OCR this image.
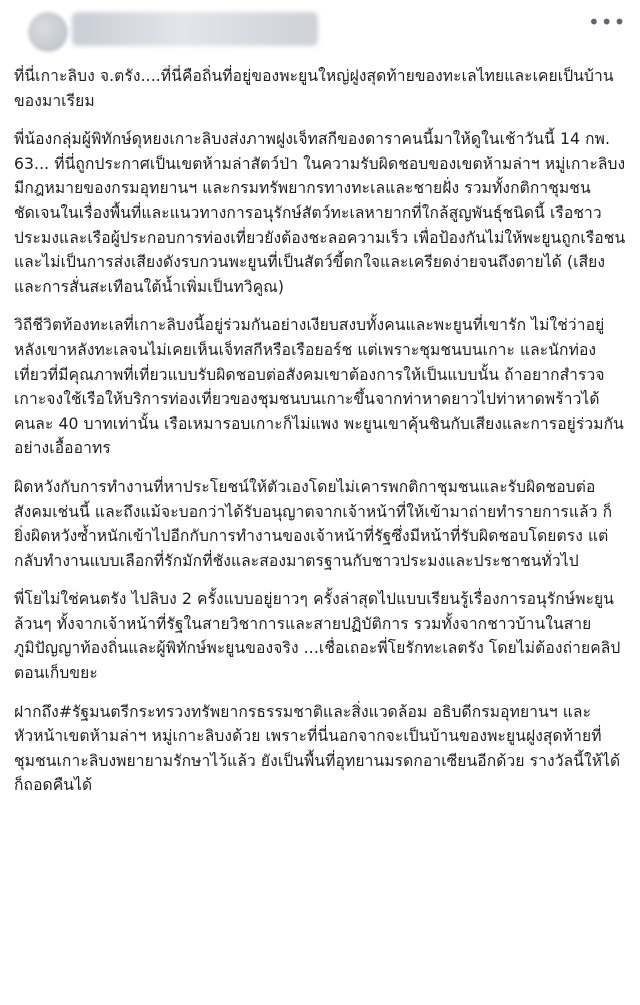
•••

ที่นี่เกาะลิบง จ.ตรัง....ที่นี่คือถิ่นที่อยู่ของพะยูนใหญ่ฝูงสุดท้ายของทะเลไทยและเคยเป็นบ้านของมาเรียม

พี่น้องกลุ่มผู้พิทักษ์ดุหยงเกาะลิบงส่งภาพฝูงเจ็ทสกีของดาราคนนี้มาให้ดูในเช้าวันนี้ 14 กพ. 63... ที่นี่ถูกประกาศเป็นเขตห้ามล่าสัตว์ป่า ในความรับผิดชอบของเขตห้ามล่าฯ หมู่เกาะลิบง มีกฎหมายของกรมอุทยานฯ และกรมทรัพยากรทางทะเลและชายฝั่ง รวมทั้งกติกาชุมชนชัดเจนในเรื่องพื้นที่และแนวทางการอนุรักษ์สัตว์ทะเลหายากที่ใกล้สูญพันธุ์ชนิดนี้ เรือชาวประมงและเรือผู้ประกอบการท่องเที่ยวยังต้องชะลอความเร็ว เพื่อป้องกันไม่ให้พะยูนถูกเรือชน และไม่เป็นการส่งเสียงดังรบกวนพะยูนที่เป็นสัตว์ขี้ตกใจและเครียดง่ายจนถึงตายได้ (เสียงและการสั่นสะเทือนใต้น้ำเพิ่มเป็นทวิคูณ)

วิถีชีวิตท้องทะเลที่เกาะลิบงนี้อยู่ร่วมกันอย่างเงียบสงบทั้งคนและพะยูนที่เขารัก ไม่ใช่ว่าอยู่หลังเขาหลังทะเลจนไม่เคยเห็นเจ็ทสกีหรือเรือยอร์ช แต่เพราะชุมชนบนเกาะ และนักท่องเที่ยวที่มีคุณภาพที่เที่ยวแบบรับผิดชอบต่อสังคมเขาต้องการให้เป็นแบบนั้น ถ้าอยากสำรวจเกาะจงใช้เรือให้บริการท่องเที่ยวของชุมชนบนเกาะขึ้นจากท่าหาดยาวไปท่าหาดพร้าวได้ คนละ 40 บาทเท่านั้น เรือเหมารอบเกาะก็ไม่แพง พะยูนเขาคุ้นชินกับเสียงและการอยู่ร่วมกันอย่างเอื้ออาทร

ผิดหวังกับการทำงานที่หาประโยชน์ให้ตัวเองโดยไม่เคารพกติกาชุมชนและรับผิดชอบต่อสังคมเช่นนี้ และถึงแม้จะบอกว่าได้รับอนุญาตจากเจ้าหน้าที่ให้เข้ามาถ่ายทำรายการแล้ว ก็ยิ่งผิดหวังซ้ำหนักเข้าไปอีกกับการทำงานของเจ้าหน้าที่รัฐซึ่งมีหน้าที่รับผิดชอบโดยตรง แต่กลับทำงานแบบเลือกที่รักมักที่ชังและสองมาตรฐานกับชาวประมงและประชาชนทั่วไป

พี่โยไม่ใช่คนตรัง ไปลิบง 2 ครั้งแบบอยู่ยาวๆ ครั้งล่าสุดไปแบบเรียนรู้เรื่องการอนุรักษ์พะยูนล้วนๆ ทั้งจากเจ้าหน้าที่รัฐในสายวิชาการและสายปฏิบัติการ รวมทั้งจากชาวบ้านในสายภูมิปัญญาท้องถิ่นและผู้พิทักษ์พะยูนของจริง ...เชื่อเถอะพี่โยรักทะเลตรัง โดยไม่ต้องถ่ายคลิปตอนเก็บขยะ

ฝากถึง#รัฐมนตรีกระทรวงทรัพยากรธรรมชาติและสิ่งแวดล้อม อธิบดีกรมอุทยานฯ และหัวหน้าเขตห้ามล่าฯ หมู่เกาะลิบงด้วย เพราะที่นี่นอกจากจะเป็นบ้านของพะยูนฝูงสุดท้ายที่ชุมชนเกาะลิบงพยายามรักษาไว้แล้ว ยังเป็นพื้นที่อุทยานมรดกอาเซียนอีกด้วย รางวัลนี้ให้ได้ก็ถอดคืนได้
